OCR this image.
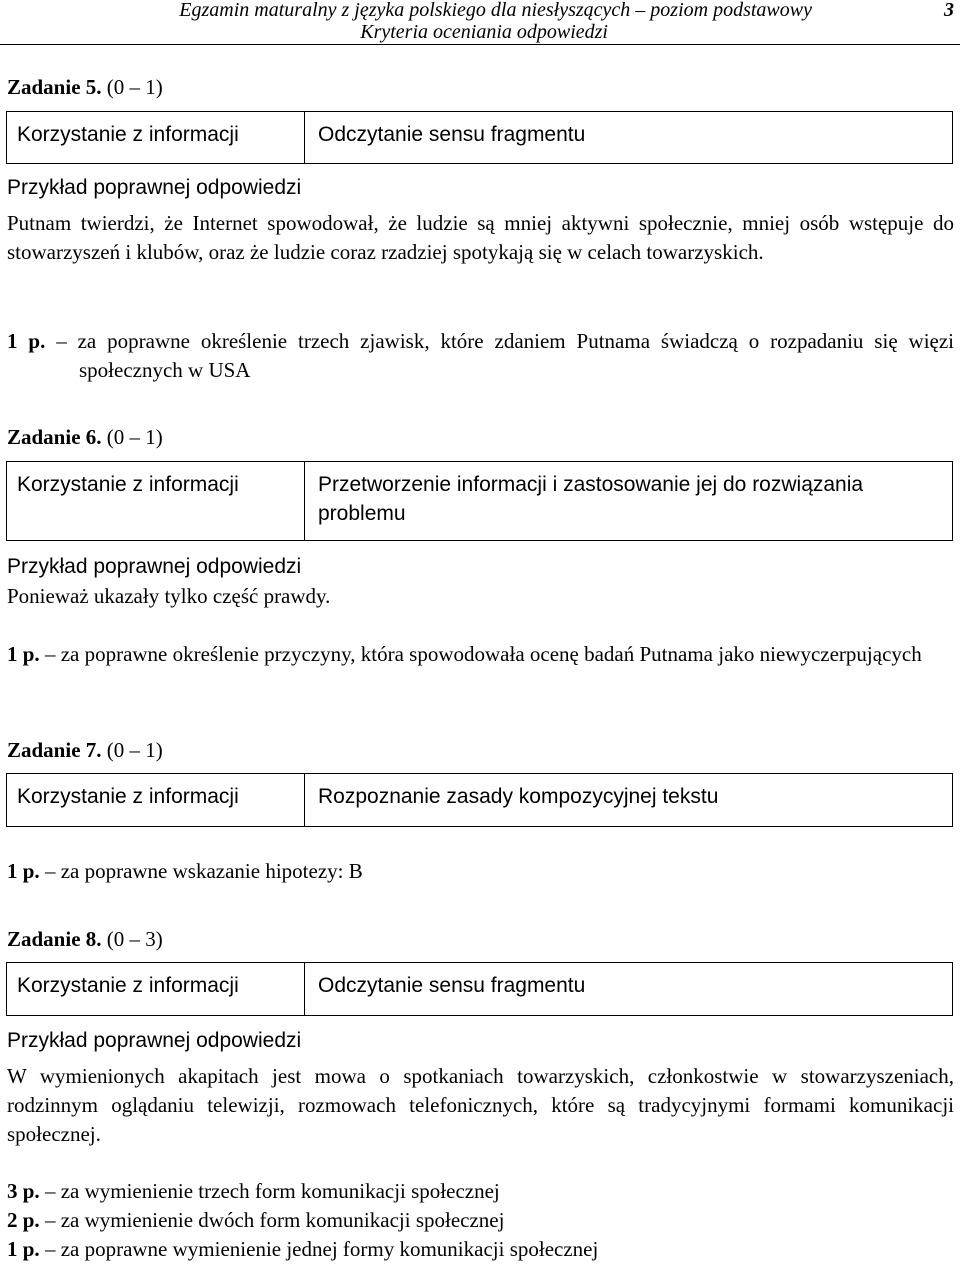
Egzamin maturalny z języka polskiego dla niesłyszących – poziom podstawowy
Kryteria oceniania odpowiedzi
3
Zadanie 5. (0 – 1)
Korzystanie z informacji	Odczytanie sensu fragmentu
Przykład poprawnej odpowiedzi
Putnam twierdzi, że Internet spowodował, że ludzie są mniej aktywni społecznie, mniej osób wstępuje do stowarzyszeń i klubów, oraz że ludzie coraz rzadziej spotykają się w celach towarzyskich.
1 p. – za poprawne określenie trzech zjawisk, które zdaniem Putnama świadczą o rozpadaniu się więzi społecznych w USA
Zadanie 6. (0 – 1)
Korzystanie z informacji	Przetworzenie informacji i zastosowanie jej do rozwiązania problemu
Przykład poprawnej odpowiedzi
Ponieważ ukazały tylko część prawdy.
1 p. – za poprawne określenie przyczyny, która spowodowała ocenę badań Putnama jako niewyczerpujących
Zadanie 7. (0 – 1)
Korzystanie z informacji	Rozpoznanie zasady kompozycyjnej tekstu
1 p. – za poprawne wskazanie hipotezy: B
Zadanie 8. (0 – 3)
Korzystanie z informacji	Odczytanie sensu fragmentu
Przykład poprawnej odpowiedzi
W wymienionych akapitach jest mowa o spotkaniach towarzyskich, członkostwie w stowarzyszeniach, rodzinnym oglądaniu telewizji, rozmowach telefonicznych, które są tradycyjnymi formami komunikacji społecznej.
3 p. – za wymienienie trzech form komunikacji społecznej
2 p. – za wymienienie dwóch form komunikacji społecznej
1 p. – za poprawne wymienienie jednej formy komunikacji społecznej
